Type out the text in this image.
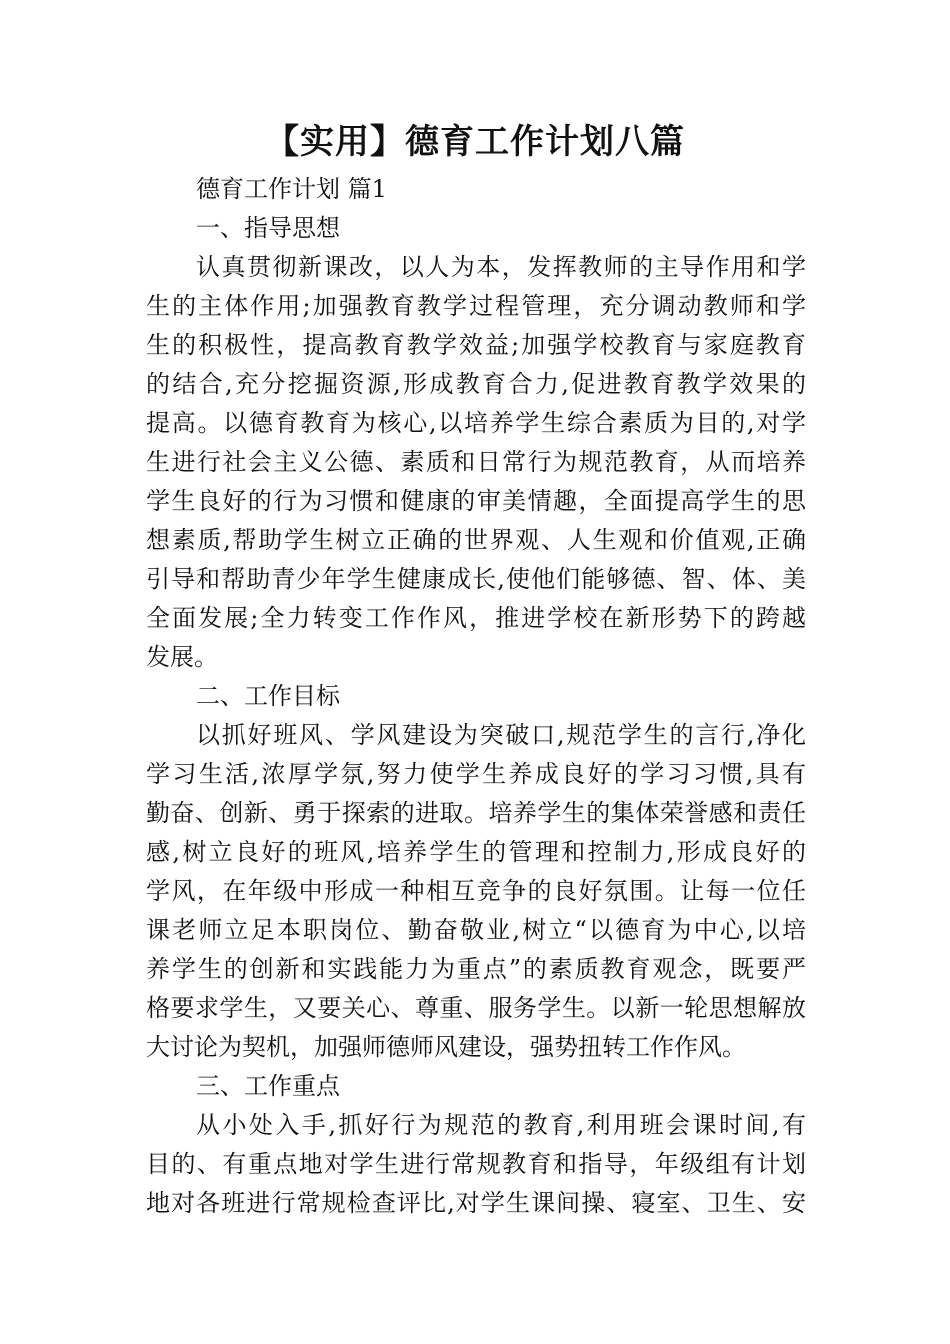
【实用】德育工作计划八篇

德育工作计划 篇1

一、指导思想

认真贯彻新课改，以人为本，发挥教师的主导作用和学

生的主体作用;加强教育教学过程管理，充分调动教师和学

生的积极性，提高教育教学效益;加强学校教育与家庭教育

的结合,充分挖掘资源,形成教育合力,促进教育教学效果的

提高。以德育教育为核心,以培养学生综合素质为目的,对学

生进行社会主义公德、素质和日常行为规范教育，从而培养

学生良好的行为习惯和健康的审美情趣，全面提高学生的思

想素质,帮助学生树立正确的世界观、人生观和价值观,正确

引导和帮助青少年学生健康成长,使他们能够德、智、体、美

全面发展;全力转变工作作风，推进学校在新形势下的跨越

发展。

二、工作目标

以抓好班风、学风建设为突破口,规范学生的言行,净化

学习生活,浓厚学氛,努力使学生养成良好的学习习惯,具有

勤奋、创新、勇于探索的进取。培养学生的集体荣誉感和责任

感,树立良好的班风,培养学生的管理和控制力,形成良好的

学风，在年级中形成一种相互竞争的良好氛围。让每一位任

课老师立足本职岗位、勤奋敬业,树立“以德育为中心,以培

养学生的创新和实践能力为重点”的素质教育观念，既要严

格要求学生，又要关心、尊重、服务学生。以新一轮思想解放

大讨论为契机，加强师德师风建设，强势扭转工作作风。

三、工作重点

从小处入手,抓好行为规范的教育,利用班会课时间,有

目的、有重点地对学生进行常规教育和指导，年级组有计划

地对各班进行常规检查评比,对学生课间操、寝室、卫生、安
